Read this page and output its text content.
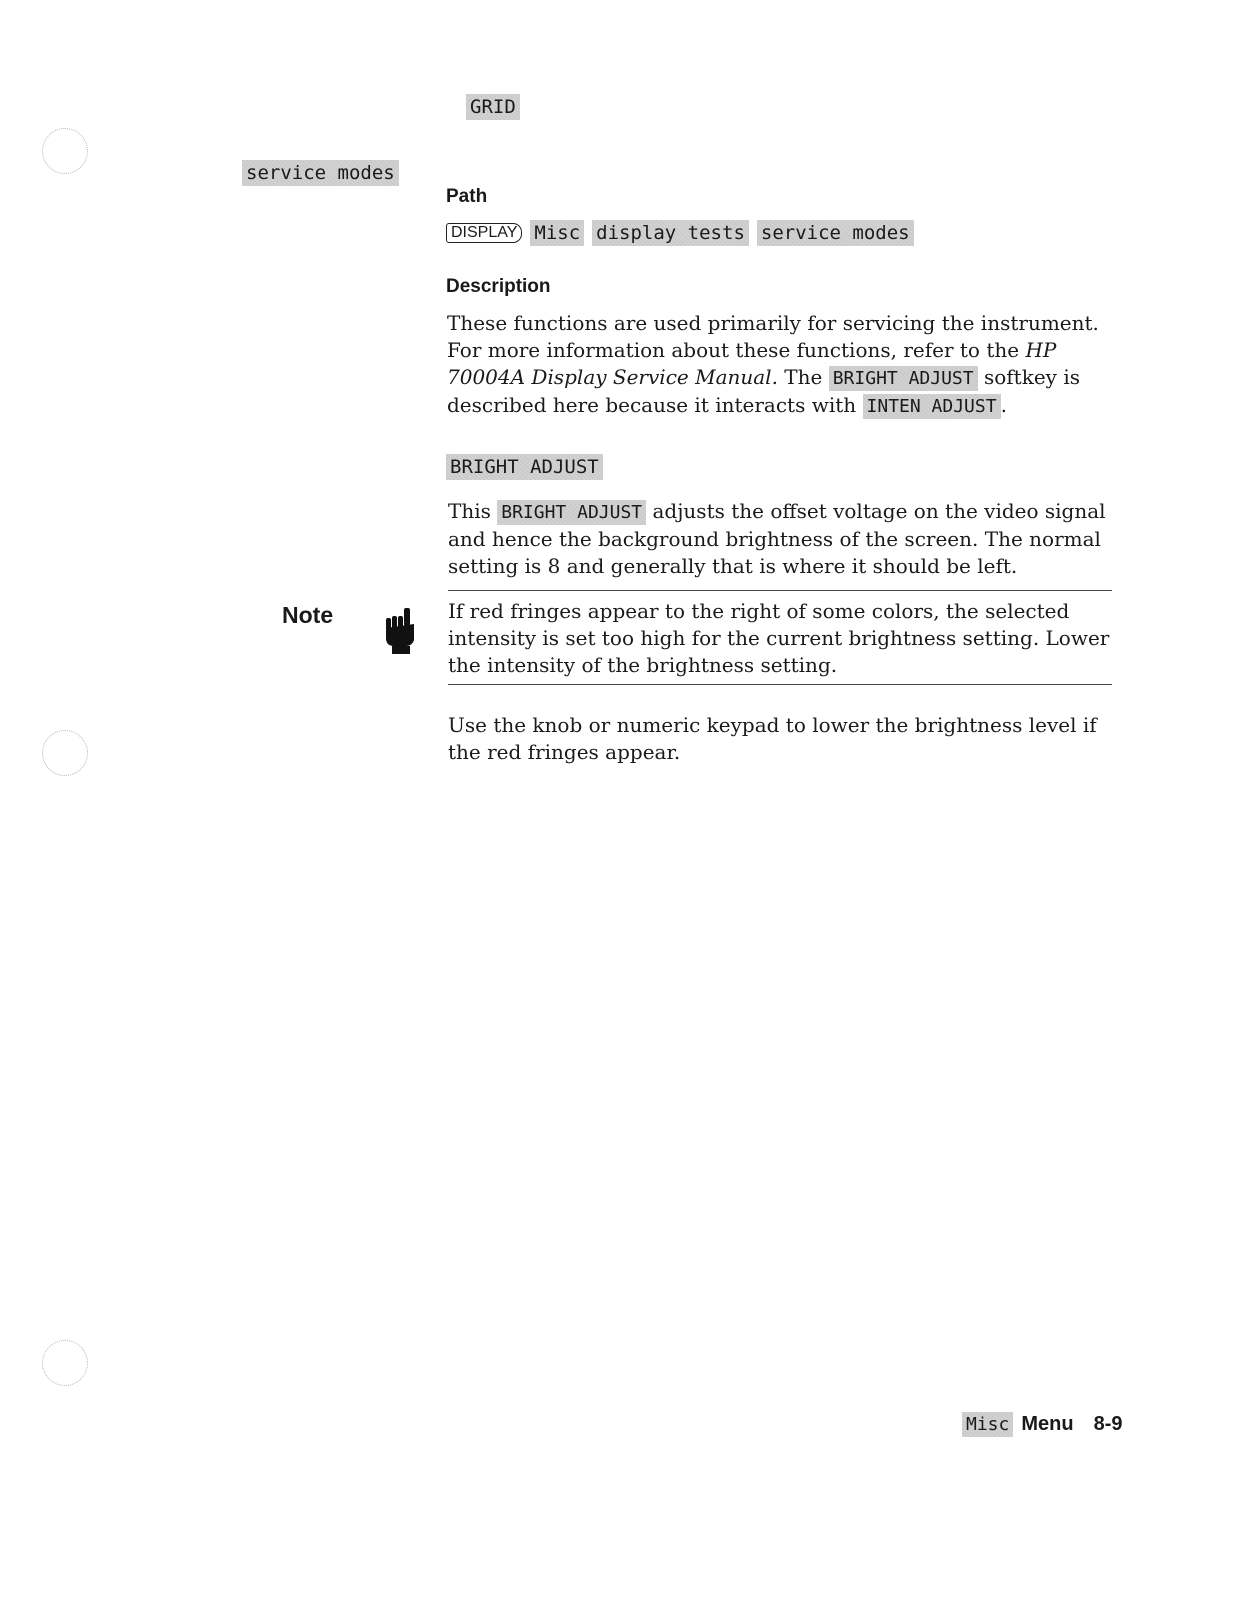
GRID
service modes
Path
DISPLAY Misc display tests service modes
Description

These functions are used primarily for servicing the instrument. For more information about these functions, refer to the HP 70004A Display Service Manual. The BRIGHT ADJUST softkey is described here because it interacts with INTEN ADJUST .

BRIGHT ADJUST

This BRIGHT ADJUST adjusts the offset voltage on the video signal and hence the background brightness of the screen. The normal setting is 8 and generally that is where it should be left.

Note	If red fringes appear to the right of some colors, the selected intensity is set too high for the current brightness setting. Lower the intensity of the brightness setting.

Use the knob or numeric keypad to lower the brightness level if the red fringes appear.

Misc Menu 8-9
